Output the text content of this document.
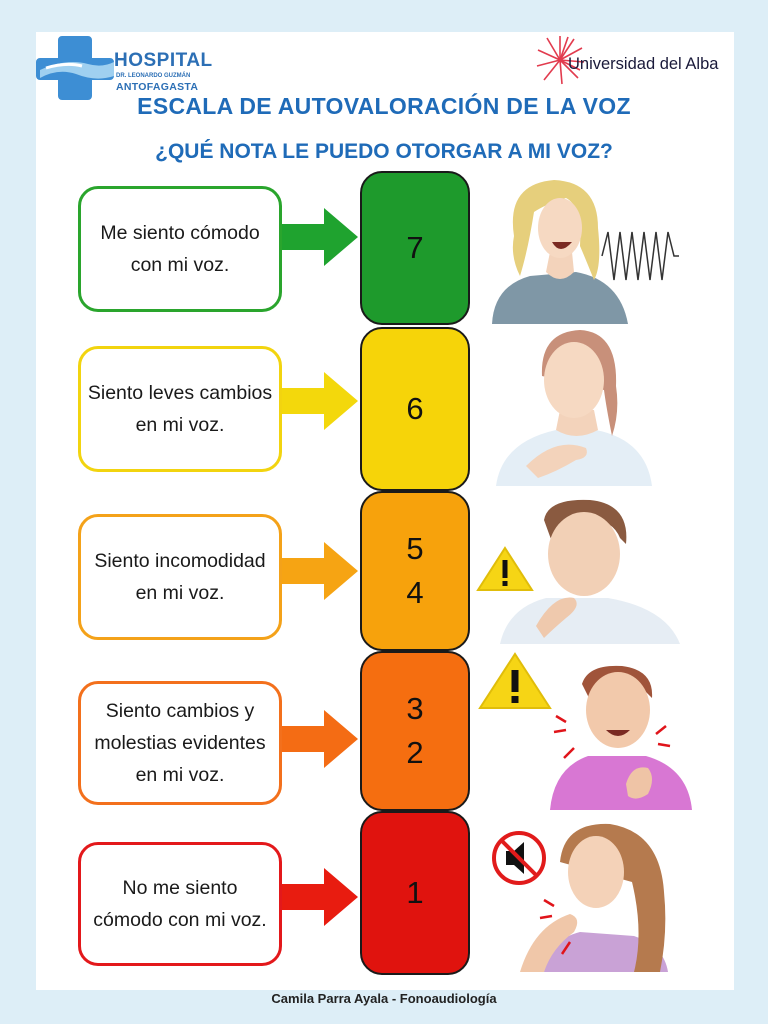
HOSPITAL
DR. LEONARDO GUZMÁN
ANTOFAGASTA
Universidad del Alba
ESCALA DE AUTOVALORACIÓN DE LA VOZ
¿QUÉ NOTA LE PUEDO OTORGAR A MI VOZ?
Me siento cómodo con mi voz.	7
Siento leves cambios en mi voz.	6
Siento incomodidad en mi voz.
5
4
Siento cambios y molestias evidentes en mi voz.
3
2
No me siento cómodo con mi voz.
1
Camila Parra Ayala - Fonoaudiología
